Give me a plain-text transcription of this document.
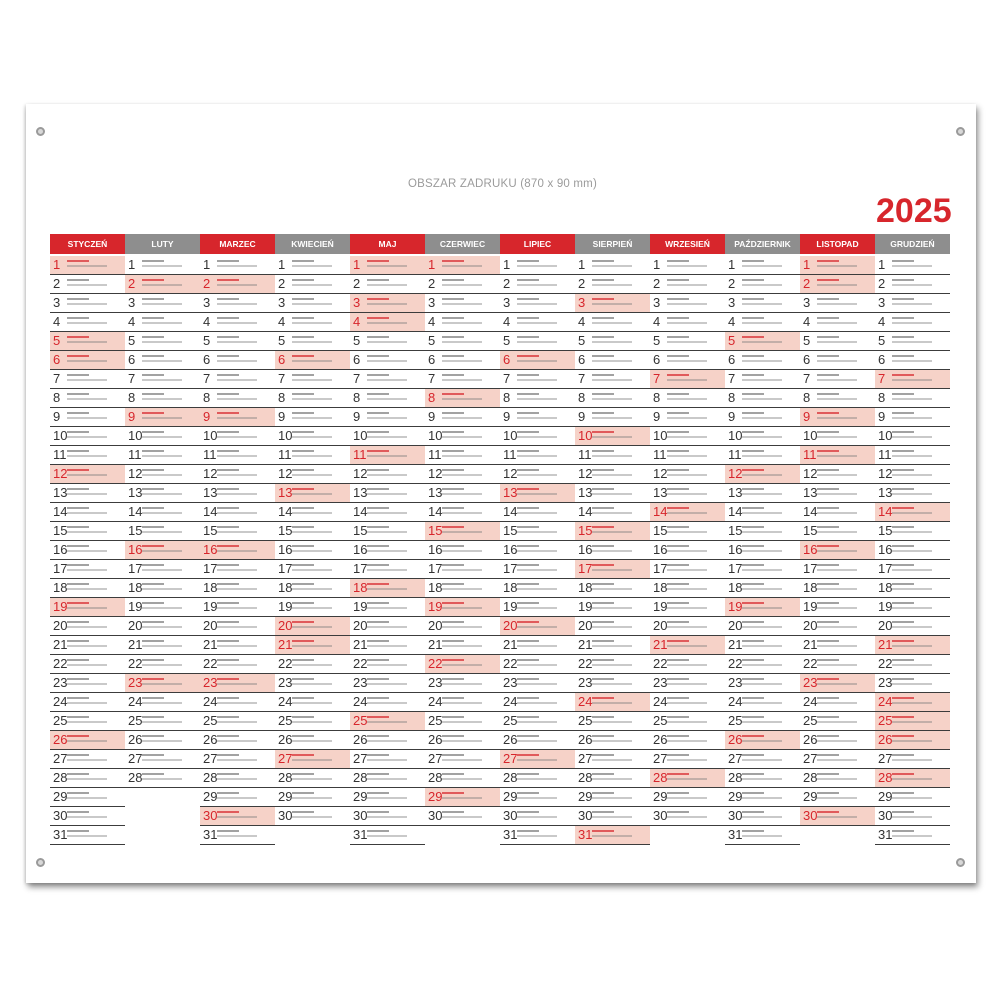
OBSZAR ZADRUKU (870 x 90 mm)
2025
STYCZEŃ
1
2
3
4
5
6
7
8
9
10
11
12
13
14
15
16
17
18
19
20
21
22
23
24
25
26
27
28
29
30
31
LUTY
1
2
3
4
5
6
7
8
9
10
11
12
13
14
15
16
17
18
19
20
21
22
23
24
25
26
27
28
MARZEC
1
2
3
4
5
6
7
8
9
10
11
12
13
14
15
16
17
18
19
20
21
22
23
24
25
26
27
28
29
30
31
KWIECIEŃ
1
2
3
4
5
6
7
8
9
10
11
12
13
14
15
16
17
18
19
20
21
22
23
24
25
26
27
28
29
30
MAJ
1
2
3
4
5
6
7
8
9
10
11
12
13
14
15
16
17
18
19
20
21
22
23
24
25
26
27
28
29
30
31
CZERWIEC
1
2
3
4
5
6
7
8
9
10
11
12
13
14
15
16
17
18
19
20
21
22
23
24
25
26
27
28
29
30
LIPIEC
1
2
3
4
5
6
7
8
9
10
11
12
13
14
15
16
17
18
19
20
21
22
23
24
25
26
27
28
29
30
31
SIERPIEŃ
1
2
3
4
5
6
7
8
9
10
11
12
13
14
15
16
17
18
19
20
21
22
23
24
25
26
27
28
29
30
31
WRZESIEŃ
1
2
3
4
5
6
7
8
9
10
11
12
13
14
15
16
17
18
19
20
21
22
23
24
25
26
27
28
29
30
PAŹDZIERNIK
1
2
3
4
5
6
7
8
9
10
11
12
13
14
15
16
17
18
19
20
21
22
23
24
25
26
27
28
29
30
31
LISTOPAD
1
2
3
4
5
6
7
8
9
10
11
12
13
14
15
16
17
18
19
20
21
22
23
24
25
26
27
28
29
30
GRUDZIEŃ
1
2
3
4
5
6
7
8
9
10
11
12
13
14
15
16
17
18
19
20
21
22
23
24
25
26
27
28
29
30
31
